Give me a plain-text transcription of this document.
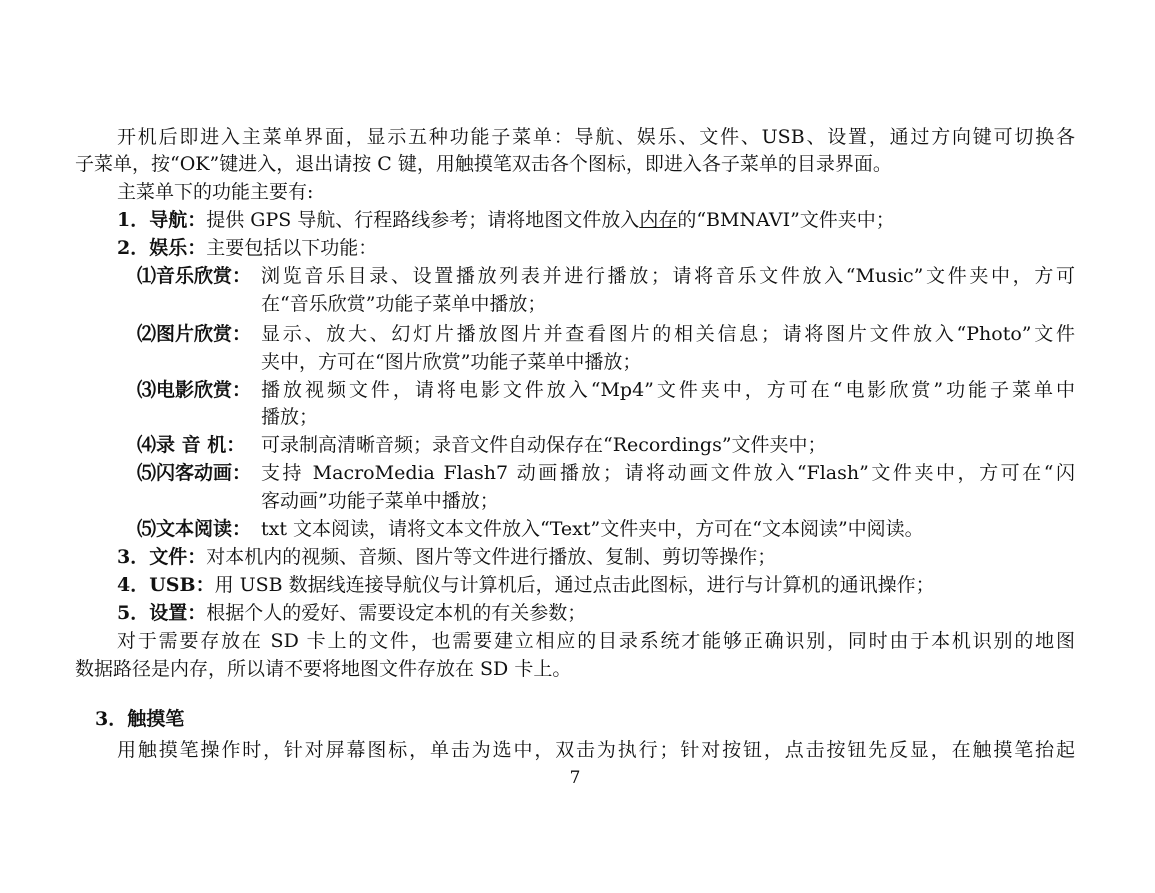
开机后即进入主菜单界面，显示五种功能子菜单：导航、娱乐、文件、USB、设置，通过方向键可切换各
子菜单，按“OK”键进入，退出请按 C 键，用触摸笔双击各个图标，即进入各子菜单的目录界面。
主菜单下的功能主要有:
1．导航：提供 GPS 导航、行程路线参考；请将地图文件放入内存的“BMNAVI”文件夹中；
2．娱乐：主要包括以下功能：
⑴音乐欣赏： 浏览音乐目录、设置播放列表并进行播放；请将音乐文件放入“Music”文件夹中，方可
在“音乐欣赏”功能子菜单中播放；
⑵图片欣赏： 显示、放大、幻灯片播放图片并查看图片的相关信息；请将图片文件放入“Photo”文件
夹中，方可在“图片欣赏”功能子菜单中播放；
⑶电影欣赏： 播放视频文件，请将电影文件放入“Mp4”文件夹中，方可在“电影欣赏”功能子菜单中
播放；
⑷录 音 机： 可录制高清晰音频；录音文件自动保存在“Recordings”文件夹中；
⑸闪客动画： 支持 MacroMedia Flash7 动画播放；请将动画文件放入“Flash”文件夹中，方可在“闪
客动画”功能子菜单中播放；
⑸文本阅读： txt 文本阅读，请将文本文件放入“Text”文件夹中，方可在“文本阅读”中阅读。
3．文件：对本机内的视频、音频、图片等文件进行播放、复制、剪切等操作；
4．USB：用 USB 数据线连接导航仪与计算机后，通过点击此图标，进行与计算机的通讯操作；
5．设置：根据个人的爱好、需要设定本机的有关参数；
对于需要存放在 SD 卡上的文件，也需要建立相应的目录系统才能够正确识别，同时由于本机识别的地图
数据路径是内存，所以请不要将地图文件存放在 SD 卡上。
3．触摸笔
用触摸笔操作时，针对屏幕图标，单击为选中，双击为执行；针对按钮，点击按钮先反显，在触摸笔抬起
7
